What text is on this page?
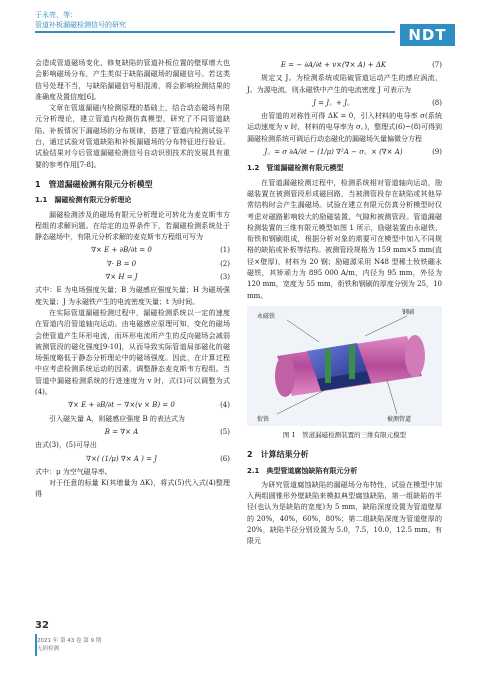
于永亮，等：
管道补板漏磁检测信号的研究
NDT

会造成管道磁场变化，修复缺陷的管道补板位置的壁厚增大也会影响磁场分布，产生类似于缺陷漏磁场的漏磁信号。若这类信号处理不当，与缺陷漏磁信号相混淆，将会影响检测结果的准确度及置信度[6]。

文章在管道漏磁内检测原理的基础上，结合动态磁场有限元分析理论，建立管道内检测仿真模型，研究了不同管道缺陷、补板情况下漏磁场的分布规律，搭建了管道内检测试验平台，通过试验对管道缺陷和补板漏磁场的分布特征进行验证。试验结果对今后管道漏磁检测信号自动识别技术的发展具有重要的参考作用[7-8]。

1　管道漏磁检测有限元分析模型
1.1　漏磁检测有限元分析理论

漏磁检测涉及的磁场有限元分析理论可转化为麦克斯韦方程组的求解问题。在给定的边界条件下，若漏磁检测系统处于静态磁场中，有限元分析求解的麦克斯韦方程组可写为

∇× E + ∂B/∂t = 0	(1)
∇· B = 0	(2)
∇× H = J	(3)

式中：E 为电场强度矢量；B 为磁感应强度矢量；H 为磁场强度矢量；J 为永磁铁产生的电流密度矢量；t 为时间。

在实际管道漏磁检测过程中，漏磁检测系统以一定的速度在管道内沿管道轴向运动。由电磁感应原理可知，变化的磁场会使管道产生环形电流，而环形电流所产生的反向磁场会减弱被测管段的磁化强度[9-10]，从而导致实际管道局部磁化的磁场强度略低于静态分析理论中的磁场强度。因此，在计算过程中应考虑检测系统运动的因素，调整静态麦克斯韦方程组。当管道中漏磁检测系统的行进速度为 v 时，式(1)可以调整为式(4)。

∇× E + ∂B/∂t − ∇×(v × B) = 0	(4)

引入磁矢量 A，则磁感应强度 B 的表达式为

B = ∇× A	(5)

由式(3)，(5)可导出

∇×( (1/μ) ∇× A ) = J	(6)

式中：μ 为空气磁导率。

对于任意的标量 K(其增量为 ΔK)，将式(5)代入式(4)整理得

E = − ∂A/∂t + v×(∇× A) + ΔK	(7)

规定又 J。为检测系统或陷破管道运动产生的感应涡流，J。为源电流，则永磁铁中产生的电流密度 J 可表示为

J = J。+ J。	(8)

由管道的对称性可得 ΔK = 0，引入材料的电导率 σ(系统运动速度为 v 时，材料的电导率为 σ。)，整理式(6)~(8)可得到漏磁检测系统可调运行动态磁化的漏磁场矢量偏微分方程

J。= σ ∂A/∂t − (1/μ) ∇²A − σ。× (∇× A)	(9)
1.2　管道漏磁检测有限元模型

在管道漏磁检测过程中，检测系统相对管道轴向运动，励磁装置在被测管段形成磁回路，当被测管段存在缺陷或其他异常结构时会产生漏磁场。试验在建立有限元仿真分析模型时仅考虑对磁路影响较大的励磁装置、气隙和被测管段。管道漏磁检测装置的三维有限元模型如图 1 所示，励磁装置由永磁铁、衔铁和钢刷组成，根据分析对象的需要可在模型中加入不同规格的缺陷或补板等结构。被测管段规格为 159 mm×5 mm(直径×壁厚)，材料为 20 钢；励磁源采用 N48 型稀土钕铁硼永磁铁，其矫顽力为 895 000 A/m，内径为 95 mm，外径为 120 mm，宽度为 55 mm，衔铁和钢刷的厚度分别为 25，10 mm。

永磁铁
钢刷
衔铁	被测管道
图 1　管道漏磁检测装置的三维有限元模型
2　计算结果分析
2.1　典型管道腐蚀缺陷有限元分析

为研究管道腐蚀缺陷的漏磁场分布特性，试验在模型中加入两组圆锥形外壁缺陷来模拟典型腐蚀缺陷，第一组缺陷的半径(也认为是缺陷的宽度)为 5 mm，缺陷深度设置为管道壁厚的 20%，40%，60%，80%；第二组缺陷深度为管道壁厚的 20%，缺陷半径分别设置为 5.0，7.5，10.0，12.5 mm。有限元

32
2021 年 第 43 卷 第 9 期
无损检测
